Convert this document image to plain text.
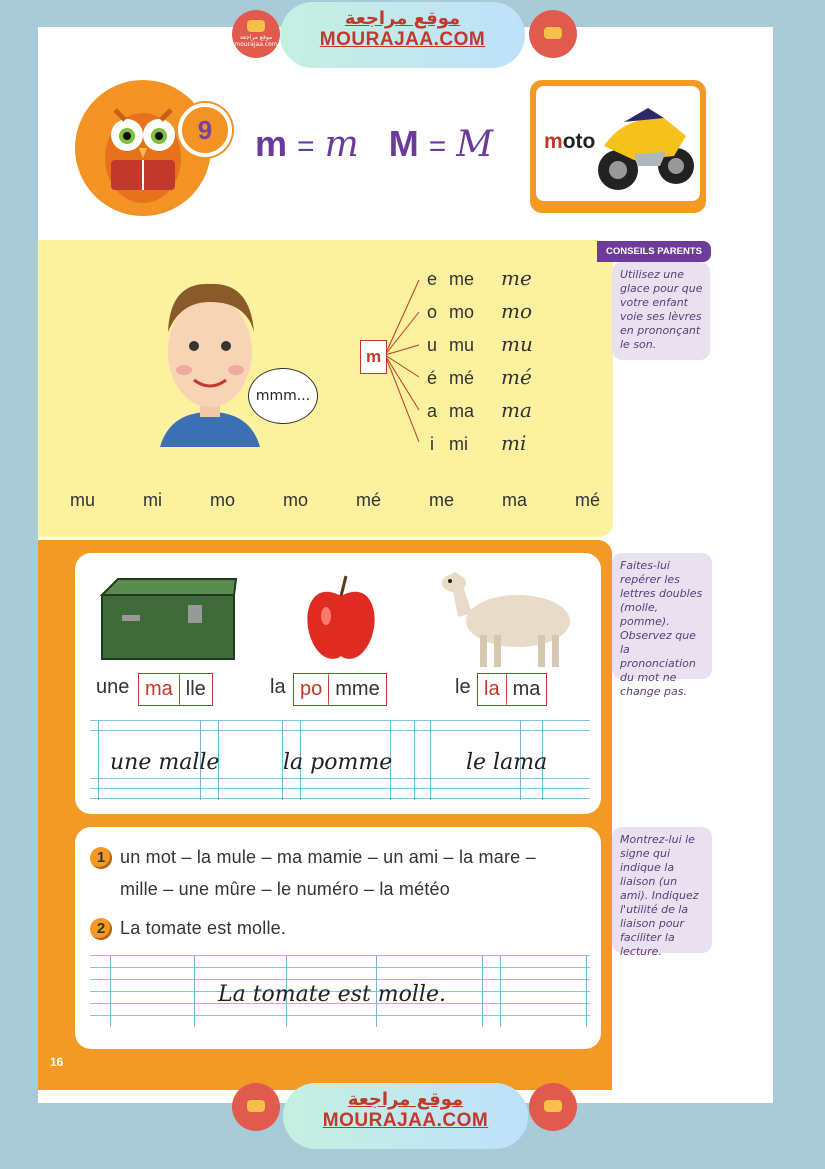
موقع مراجعة mourajaa.com
موقع مراجعة
MOURAJAA.COM
9	m = m M = M moto
CONSEILS PARENTS
Utilisez une glace pour que votre enfant voie ses lèvres en prononçant le son.
mmm...
m
e me me
o mo mo
u mu mu
é mé mé
a ma ma
i mi mi
mu	mi	mo	mo	mé	me	ma	mé
Faites-lui repérer les lettres doubles (molle, pomme). Observez que la prononciation du mot ne change pas.
Montrez-lui le signe qui indique la liaison (un ami). Indiquez l'utilité de la liaison pour faciliter la lecture.
une ma lle	la po mme	le la ma
une malle	la pomme	le lama
1 un mot – la mule – ma mamie – un ami – la mare –
mille – une mûre – le numéro – la météo
2 La tomate est molle.
La tomate est molle.
16
موقع مراجعة
MOURAJAA.COM
